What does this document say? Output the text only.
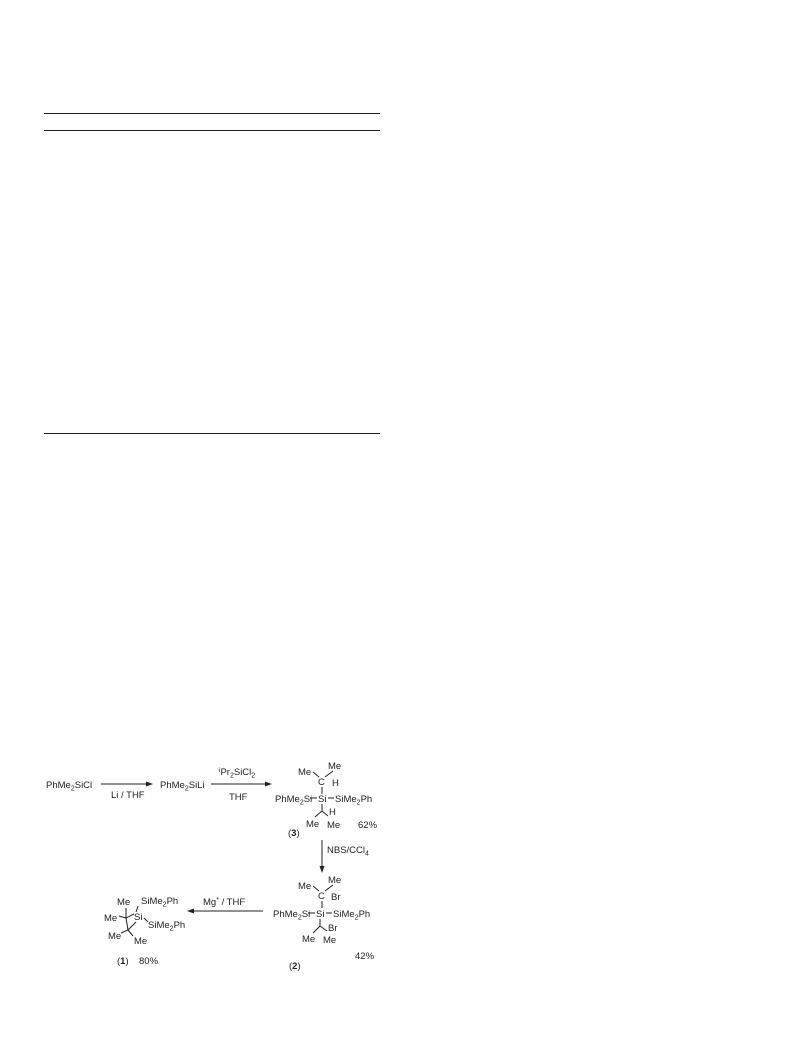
PhMe$_2$SiCl
Li / THF
PhMe$_2$SiLi
$^iPr_2SiCl_2$
THF
Me
Me
C H
PhMe$_2$Si Si SiMe$_2$Ph
H
Me Me
(3)
62%
NBS/CCl$_4$
Me
Me
C Br
PhMe$_2$Si Si SiMe$_2$Ph
Br
Me Me
(2)
42%
Mg* / THF
Me SiMe$_2$Ph
Me Si
SiMe$_2$Ph
Me Me
(1) 80%
